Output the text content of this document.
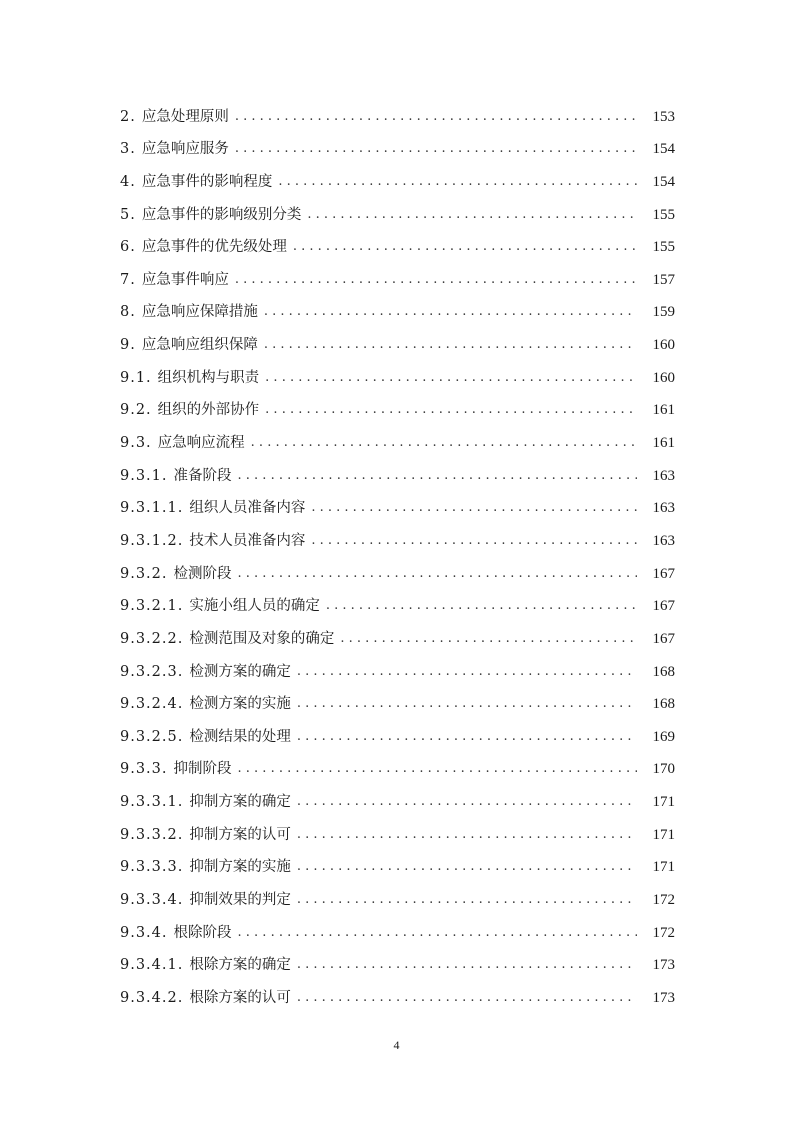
2. 应急处理原则 . . .	153
3. 应急响应服务 . . .	154
4. 应急事件的影响程度 . . .	154
5. 应急事件的影响级别分类 . . .	155
6. 应急事件的优先级处理 . . .	155
7. 应急事件响应 . . .	157
8. 应急响应保障措施 . . .	159
9. 应急响应组织保障 . . .	160
9.1. 组织机构与职责 . . .	160
9.2. 组织的外部协作 . . .	161
9.3. 应急响应流程 . . .	161
9.3.1. 准备阶段 . . .	163
9.3.1.1. 组织人员准备内容 . . .	163
9.3.1.2. 技术人员准备内容 . . .	163
9.3.2. 检测阶段 . . .	167
9.3.2.1. 实施小组人员的确定 . . .	167
9.3.2.2. 检测范围及对象的确定 . . .	167
9.3.2.3. 检测方案的确定 . . .	168
9.3.2.4. 检测方案的实施 . . .	168
9.3.2.5. 检测结果的处理 . . .	169
9.3.3. 抑制阶段 . . .	170
9.3.3.1. 抑制方案的确定 . . .	171
9.3.3.2. 抑制方案的认可 . . .	171
9.3.3.3. 抑制方案的实施 . . .	171
9.3.3.4. 抑制效果的判定 . . .	172
9.3.4. 根除阶段 . . .	172
9.3.4.1. 根除方案的确定 . . .	173
9.3.4.2. 根除方案的认可 . . .	173
4
